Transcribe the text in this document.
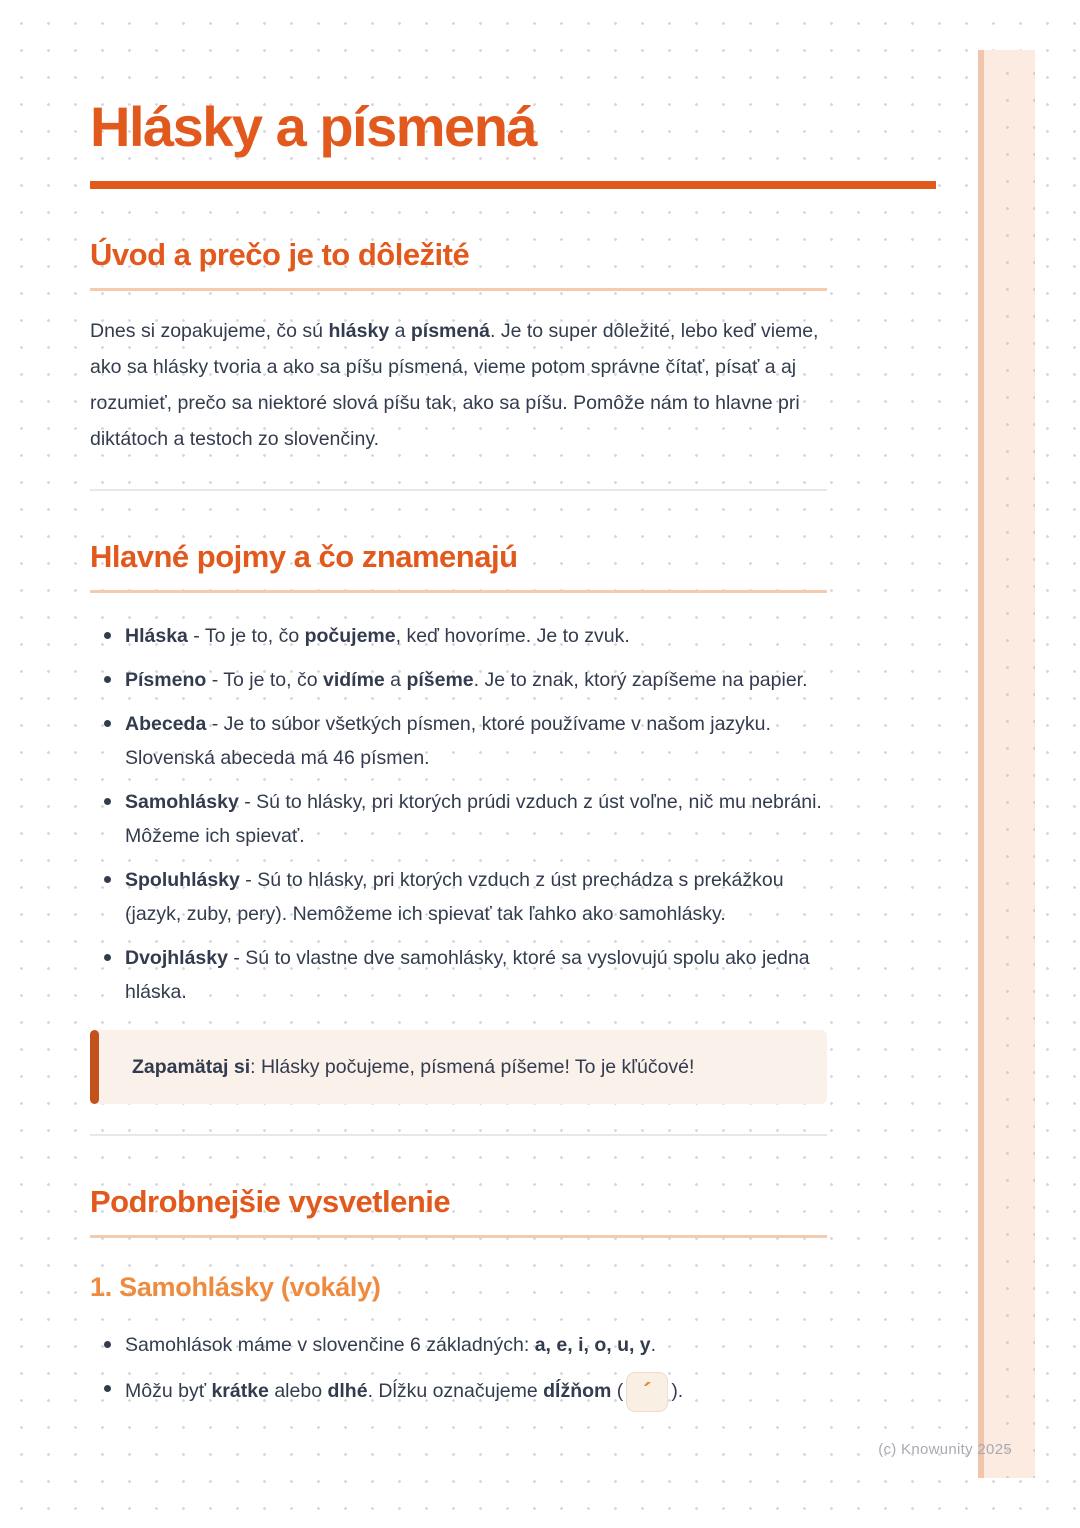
Hlásky a písmená
Úvod a prečo je to dôležité

Dnes si zopakujeme, čo sú hlásky a písmená. Je to super dôležité, lebo keď vieme, ako sa hlásky tvoria a ako sa píšu písmená, vieme potom správne čítať, písať a aj rozumieť, prečo sa niektoré slová píšu tak, ako sa píšu. Pomôže nám to hlavne pri diktátoch a testoch zo slovenčiny.

Hlavné pojmy a čo znamenajú
Hláska - To je to, čo počujeme, keď hovoríme. Je to zvuk.
Písmeno - To je to, čo vidíme a píšeme. Je to znak, ktorý zapíšeme na papier.
Abeceda - Je to súbor všetkých písmen, ktoré používame v našom jazyku. Slovenská abeceda má 46 písmen.
Samohlásky - Sú to hlásky, pri ktorých prúdi vzduch z úst voľne, nič mu nebráni. Môžeme ich spievať.
Spoluhlásky - Sú to hlásky, pri ktorých vzduch z úst prechádza s prekážkou (jazyk, zuby, pery). Nemôžeme ich spievať tak ľahko ako samohlásky.
Dvojhlásky - Sú to vlastne dve samohlásky, ktoré sa vyslovujú spolu ako jedna hláska.

Zapamätaj si: Hlásky počujeme, písmená píšeme! To je kľúčové!

Podrobnejšie vysvetlenie
1. Samohlásky (vokály)
Samohlások máme v slovenčine 6 základných: a, e, i, o, u, y.
Môžu byť krátke alebo dlhé. Dĺžku označujeme dĺžňom ( ´ ).
(c) Knowunity 2025
